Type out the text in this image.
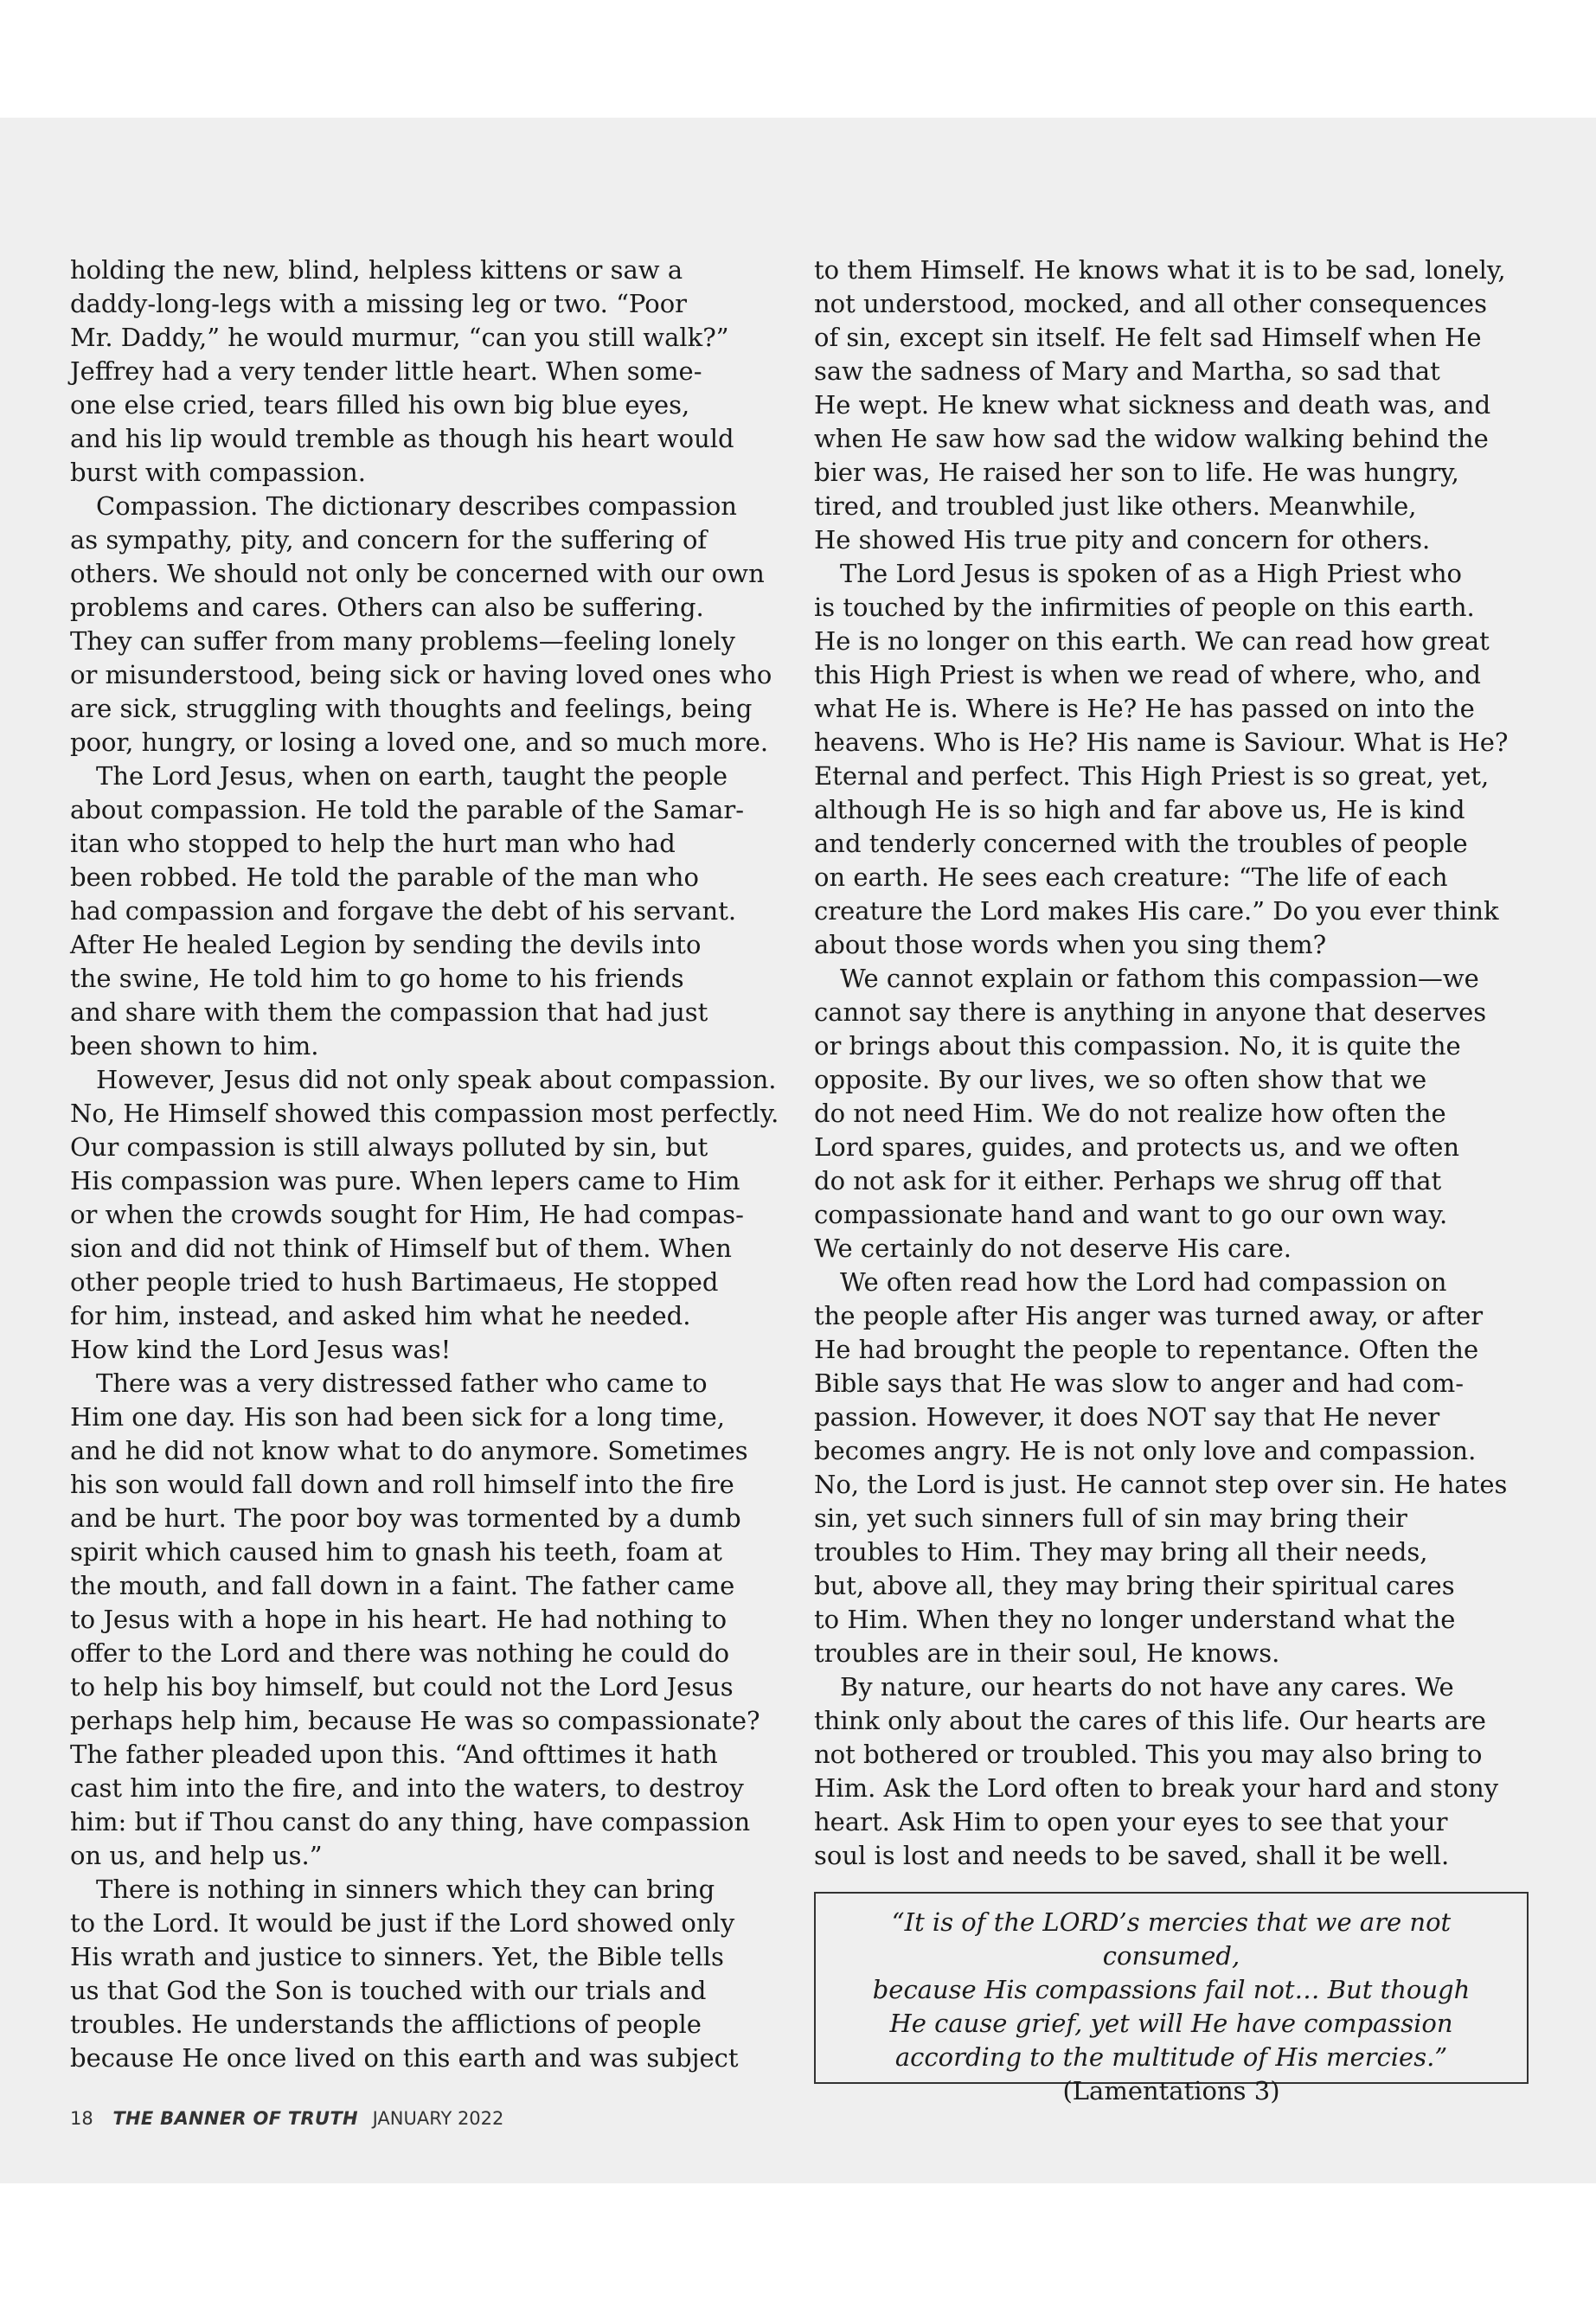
holding the new, blind, helpless kittens or saw a
daddy-long-legs with a missing leg or two. “Poor
Mr. Daddy,” he would murmur, “can you still walk?”
Jeffrey had a very tender little heart. When some-
one else cried, tears filled his own big blue eyes,
and his lip would tremble as though his heart would
burst with compassion.
Compassion. The dictionary describes compassion
as sympathy, pity, and concern for the suffering of
others. We should not only be concerned with our own
problems and cares. Others can also be suffering.
They can suffer from many problems—feeling lonely
or misunderstood, being sick or having loved ones who
are sick, struggling with thoughts and feelings, being
poor, hungry, or losing a loved one, and so much more.
The Lord Jesus, when on earth, taught the people
about compassion. He told the parable of the Samar-
itan who stopped to help the hurt man who had
been robbed. He told the parable of the man who
had compassion and forgave the debt of his servant.
After He healed Legion by sending the devils into
the swine, He told him to go home to his friends
and share with them the compassion that had just
been shown to him.
However, Jesus did not only speak about compassion.
No, He Himself showed this compassion most perfectly.
Our compassion is still always polluted by sin, but
His compassion was pure. When lepers came to Him
or when the crowds sought for Him, He had compas-
sion and did not think of Himself but of them. When
other people tried to hush Bartimaeus, He stopped
for him, instead, and asked him what he needed.
How kind the Lord Jesus was!
There was a very distressed father who came to
Him one day. His son had been sick for a long time,
and he did not know what to do anymore. Sometimes
his son would fall down and roll himself into the fire
and be hurt. The poor boy was tormented by a dumb
spirit which caused him to gnash his teeth, foam at
the mouth, and fall down in a faint. The father came
to Jesus with a hope in his heart. He had nothing to
offer to the Lord and there was nothing he could do
to help his boy himself, but could not the Lord Jesus
perhaps help him, because He was so compassionate?
The father pleaded upon this. “And ofttimes it hath
cast him into the fire, and into the waters, to destroy
him: but if Thou canst do any thing, have compassion
on us, and help us.”
There is nothing in sinners which they can bring
to the Lord. It would be just if the Lord showed only
His wrath and justice to sinners. Yet, the Bible tells
us that God the Son is touched with our trials and
troubles. He understands the afflictions of people
because He once lived on this earth and was subject
to them Himself. He knows what it is to be sad, lonely,
not understood, mocked, and all other consequences
of sin, except sin itself. He felt sad Himself when He
saw the sadness of Mary and Martha, so sad that
He wept. He knew what sickness and death was, and
when He saw how sad the widow walking behind the
bier was, He raised her son to life. He was hungry,
tired, and troubled just like others. Meanwhile,
He showed His true pity and concern for others.
The Lord Jesus is spoken of as a High Priest who
is touched by the infirmities of people on this earth.
He is no longer on this earth. We can read how great
this High Priest is when we read of where, who, and
what He is. Where is He? He has passed on into the
heavens. Who is He? His name is Saviour. What is He?
Eternal and perfect. This High Priest is so great, yet,
although He is so high and far above us, He is kind
and tenderly concerned with the troubles of people
on earth. He sees each creature: “The life of each
creature the Lord makes His care.” Do you ever think
about those words when you sing them?
We cannot explain or fathom this compassion—we
cannot say there is anything in anyone that deserves
or brings about this compassion. No, it is quite the
opposite. By our lives, we so often show that we
do not need Him. We do not realize how often the
Lord spares, guides, and protects us, and we often
do not ask for it either. Perhaps we shrug off that
compassionate hand and want to go our own way.
We certainly do not deserve His care.
We often read how the Lord had compassion on
the people after His anger was turned away, or after
He had brought the people to repentance. Often the
Bible says that He was slow to anger and had com-
passion. However, it does NOT say that He never
becomes angry. He is not only love and compassion.
No, the Lord is just. He cannot step over sin. He hates
sin, yet such sinners full of sin may bring their
troubles to Him. They may bring all their needs,
but, above all, they may bring their spiritual cares
to Him. When they no longer understand what the
troubles are in their soul, He knows.
By nature, our hearts do not have any cares. We
think only about the cares of this life. Our hearts are
not bothered or troubled. This you may also bring to
Him. Ask the Lord often to break your hard and stony
heart. Ask Him to open your eyes to see that your
soul is lost and needs to be saved, shall it be well.
“It is of the LORD’s mercies that we are not consumed,
because His compassions fail not… But though
He cause grief, yet will He have compassion
according to the multitude of His mercies.”
(Lamentations 3)
18 THE BANNER OF TRUTH JANUARY 2022
